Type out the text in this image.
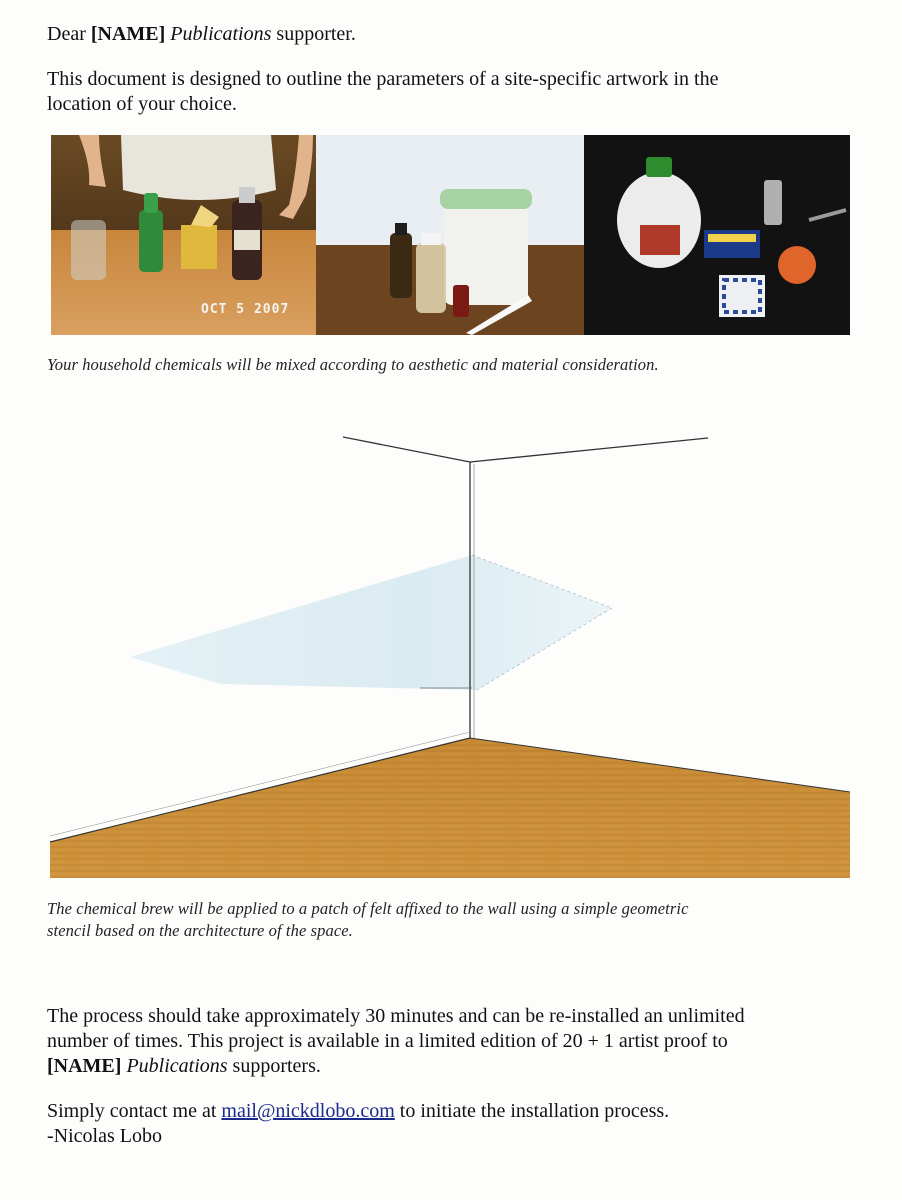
Dear [NAME] Publications supporter.

This document is designed to outline the parameters of a site-specific artwork in the
location of your choice.

OCT 5 2007

Your household chemicals will be mixed according to aesthetic and material consideration.

The chemical brew will be applied to a patch of felt affixed to the wall using a simple geometric
stencil based on the architecture of the space.

The process should take approximately 30 minutes and can be re-installed an unlimited
number of times. This project is available in a limited edition of 20 + 1 artist proof to
[NAME] Publications supporters.

Simply contact me at mail@nickdlobo.com to initiate the installation process.
-Nicolas Lobo
